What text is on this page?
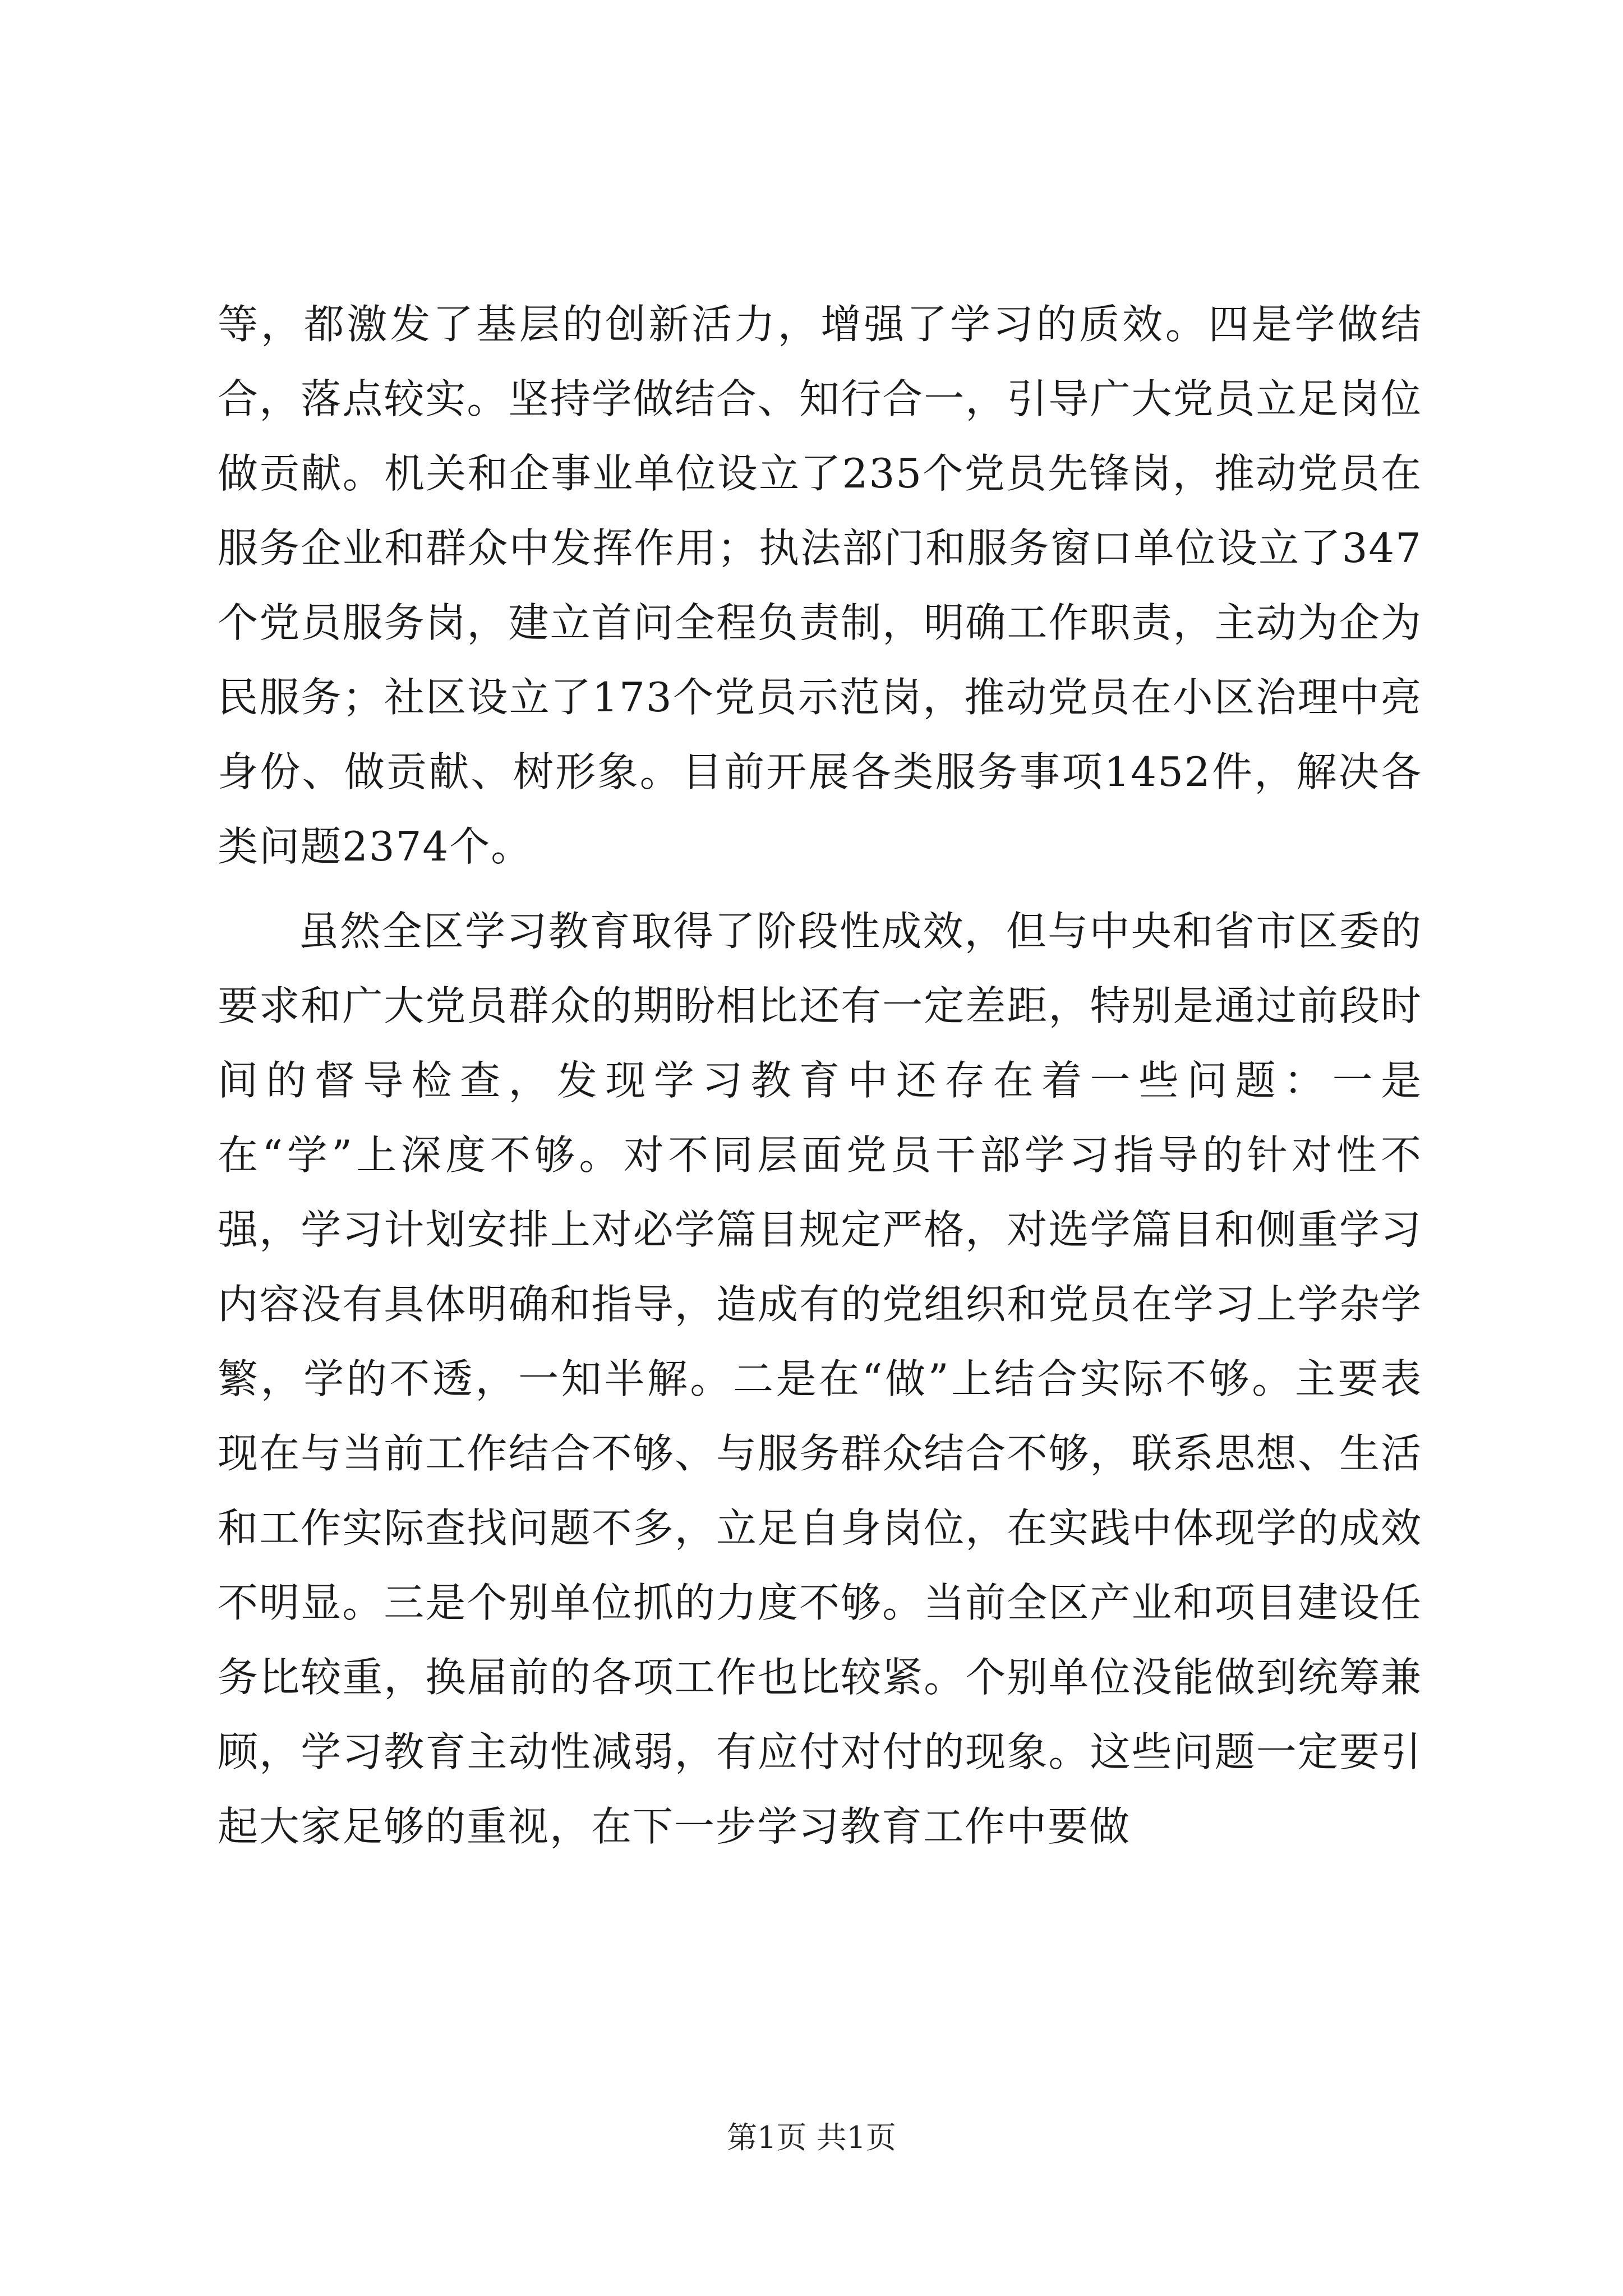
等，都激发了基层的创新活力，增强了学习的质效。四是学做结合，落点较实。坚持学做结合、知行合一，引导广大党员立足岗位做贡献。机关和企事业单位设立了235个党员先锋岗，推动党员在服务企业和群众中发挥作用；执法部门和服务窗口单位设立了347个党员服务岗，建立首问全程负责制，明确工作职责，主动为企为民服务；社区设立了173个党员示范岗，推动党员在小区治理中亮身份、做贡献、树形象。目前开展各类服务事项1452件，解决各类问题2374个。

虽然全区学习教育取得了阶段性成效，但与中央和省市区委的要求和广大党员群众的期盼相比还有一定差距，特别是通过前段时间的督导检查，发现学习教育中还存在着一些问题：一是在“学”上深度不够。对不同层面党员干部学习指导的针对性不强，学习计划安排上对必学篇目规定严格，对选学篇目和侧重学习内容没有具体明确和指导，造成有的党组织和党员在学习上学杂学繁，学的不透，一知半解。二是在“做”上结合实际不够。主要表现在与当前工作结合不够、与服务群众结合不够，联系思想、生活和工作实际查找问题不多，立足自身岗位，在实践中体现学的成效不明显。三是个别单位抓的力度不够。当前全区产业和项目建设任务比较重，换届前的各项工作也比较紧。个别单位没能做到统筹兼顾，学习教育主动性减弱，有应付对付的现象。这些问题一定要引起大家足够的重视，在下一步学习教育工作中要做

第1页 共1页
